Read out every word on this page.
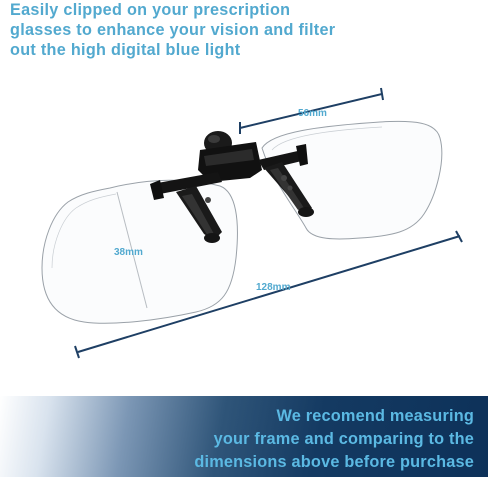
Easily clipped on your prescription
glasses to enhance your vision and filter
out the high digital blue light
56mm
38mm
128mm

We recomend measuring
your frame and comparing to the
dimensions above before purchase
